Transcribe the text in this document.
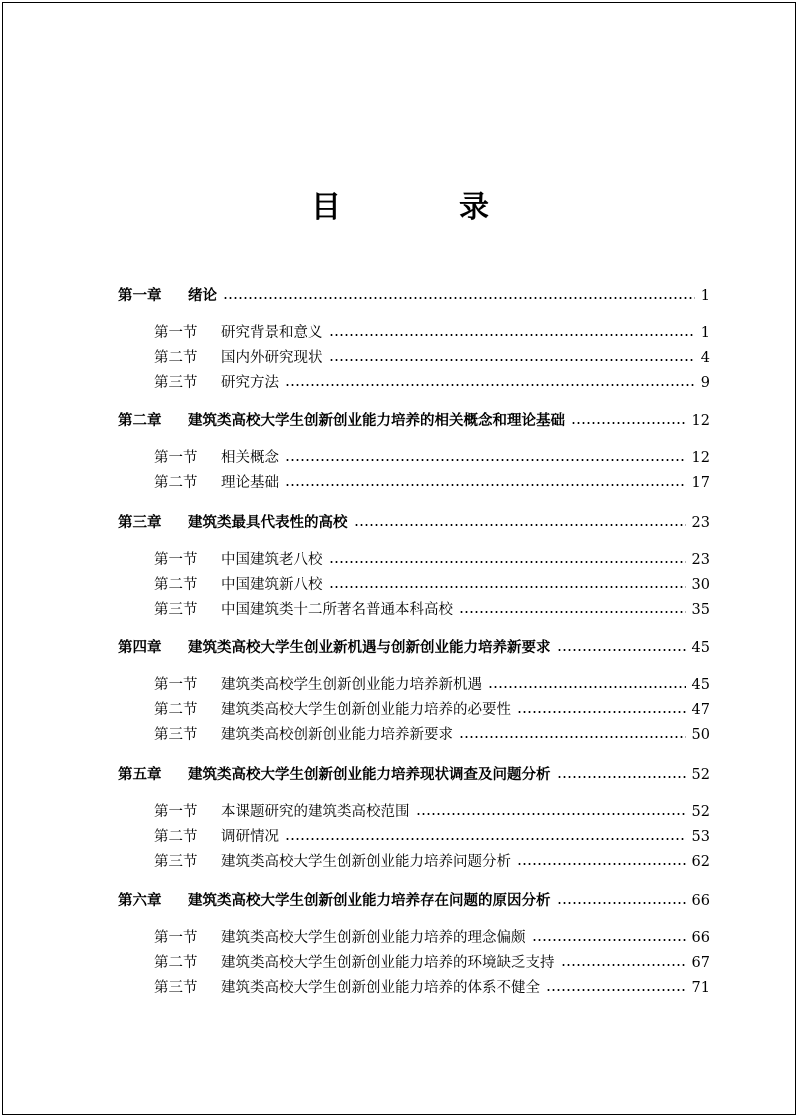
目　录
第一章	绪论	1
第一节	研究背景和意义	1
第二节	国内外研究现状	4
第三节	研究方法	9
第二章	建筑类高校大学生创新创业能力培养的相关概念和理论基础	12
第一节	相关概念	12
第二节	理论基础	17
第三章	建筑类最具代表性的高校	23
第一节	中国建筑老八校	23
第二节	中国建筑新八校	30
第三节	中国建筑类十二所著名普通本科高校	35
第四章	建筑类高校大学生创业新机遇与创新创业能力培养新要求	45
第一节	建筑类高校学生创新创业能力培养新机遇	45
第二节	建筑类高校大学生创新创业能力培养的必要性	47
第三节	建筑类高校创新创业能力培养新要求	50
第五章	建筑类高校大学生创新创业能力培养现状调查及问题分析	52
第一节	本课题研究的建筑类高校范围	52
第二节	调研情况	53
第三节	建筑类高校大学生创新创业能力培养问题分析	62
第六章	建筑类高校大学生创新创业能力培养存在问题的原因分析	66
第一节	建筑类高校大学生创新创业能力培养的理念偏颇	66
第二节	建筑类高校大学生创新创业能力培养的环境缺乏支持	67
第三节	建筑类高校大学生创新创业能力培养的体系不健全	71
